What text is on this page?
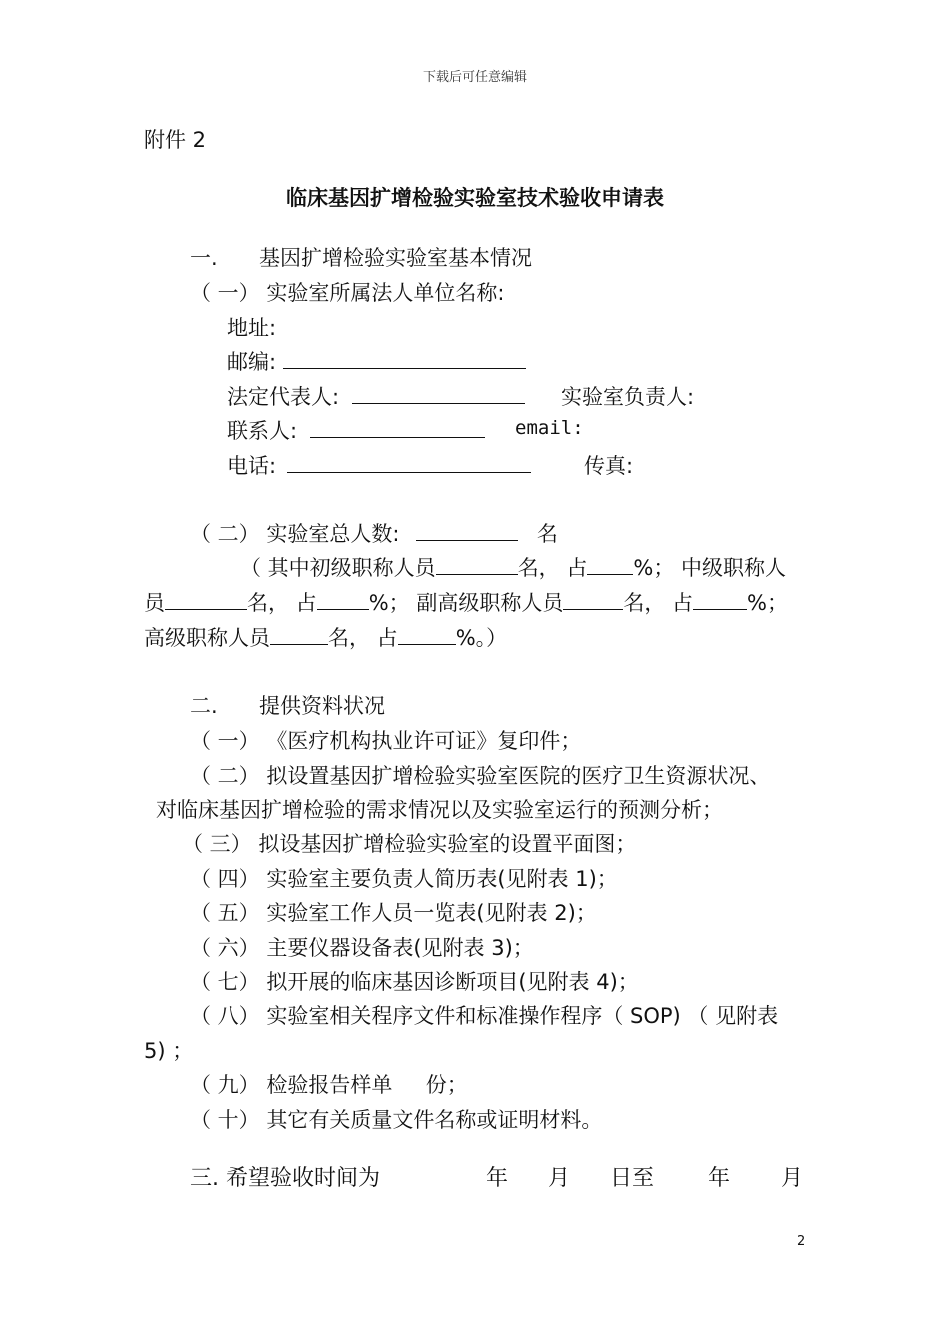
下载后可任意编辑
附件 2
临床基因扩增检验实验室技术验收申请表
一. 基因扩增检验实验室基本情况
（ 一） 实验室所属法人单位名称:
地址:
邮编:
法定代表人:	实验室负责人:
联系人:	email:
电话:	传真:
（ 二） 实验室总人数:	名
（ 其中初级职称人员	名， 占 %； 中级职称人
员	名， 占 %； 副高级职称人员	名， 占	%；
高级职称人员	名， 占	%。）
二. 提供资料状况
（ 一） 《医疗机构执业许可证》复印件；
（ 二） 拟设置基因扩增检验实验室医院的医疗卫生资源状况、
对临床基因扩增检验的需求情况以及实验室运行的预测分析；
（ 三） 拟设基因扩增检验实验室的设置平面图；
（ 四） 实验室主要负责人简历表(见附表 1)；
（ 五） 实验室工作人员一览表(见附表 2)；
（ 六） 主要仪器设备表(见附表 3)；
（ 七） 拟开展的临床基因诊断项目(见附表 4)；
（ 八） 实验室相关程序文件和标准操作程序（ SOP) （ 见附表
5) ；
（ 九） 检验报告样单     份；
（ 十） 其它有关质量文件名称或证明材料。
三. 希望验收时间为	年 月 日至 年 月
2
